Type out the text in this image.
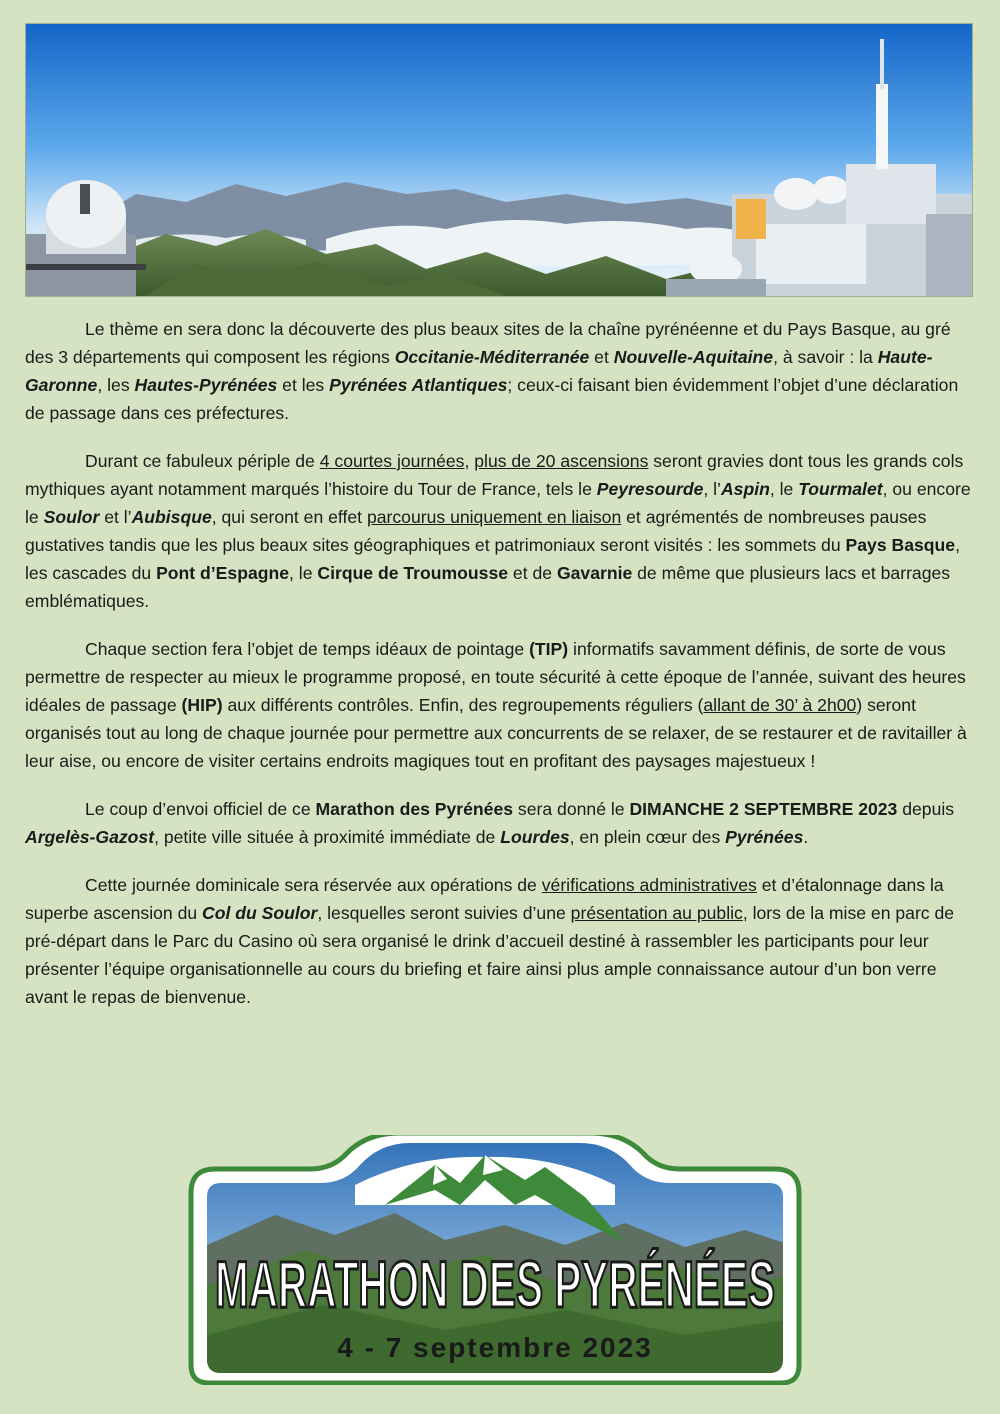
Le thème en sera donc la découverte des plus beaux sites de la chaîne pyrénéenne et du Pays Basque, au gré des 3 départements qui composent les régions Occitanie-Méditerranée et Nouvelle-Aquitaine, à savoir : la Haute-Garonne, les Hautes-Pyrénées et les Pyrénées Atlantiques; ceux-ci faisant bien évidemment l’objet d’une déclaration de passage dans ces préfectures.

Durant ce fabuleux périple de 4 courtes journées, plus de 20 ascensions seront gravies dont tous les grands cols mythiques ayant notamment marqués l’histoire du Tour de France, tels le Peyresourde, l’Aspin, le Tourmalet, ou encore le Soulor et l’Aubisque, qui seront en effet parcourus uniquement en liaison et agrémentés de nombreuses pauses gustatives tandis que les plus beaux sites géographiques et patrimoniaux seront visités : les sommets du Pays Basque, les cascades du Pont d’Espagne, le Cirque de Troumousse et de Gavarnie de même que plusieurs lacs et barrages emblématiques.

Chaque section fera l’objet de temps idéaux de pointage (TIP) informatifs savamment définis, de sorte de vous permettre de respecter au mieux le programme proposé, en toute sécurité à cette époque de l’année, suivant des heures idéales de passage (HIP) aux différents contrôles. Enfin, des regroupements réguliers (allant de 30’ à 2h00) seront organisés tout au long de chaque journée pour permettre aux concurrents de se relaxer, de se restaurer et de ravitailler à leur aise, ou encore de visiter certains endroits magiques tout en profitant des paysages majestueux !

Le coup d’envoi officiel de ce Marathon des Pyrénées sera donné le DIMANCHE 2 SEPTEMBRE 2023 depuis Argelès-Gazost, petite ville située à proximité immédiate de Lourdes, en plein cœur des Pyrénées.

Cette journée dominicale sera réservée aux opérations de vérifications administratives et d’étalonnage dans la superbe ascension du Col du Soulor, lesquelles seront suivies d’une présentation au public, lors de la mise en parc de pré-départ dans le Parc du Casino où sera organisé le drink d’accueil destiné à rassembler les participants pour leur présenter l’équipe organisationnelle au cours du briefing et faire ainsi plus ample connaissance autour d’un bon verre avant le repas de bienvenue.

MARATHON DES PYRÉNÉES
4 - 7 septembre 2023
